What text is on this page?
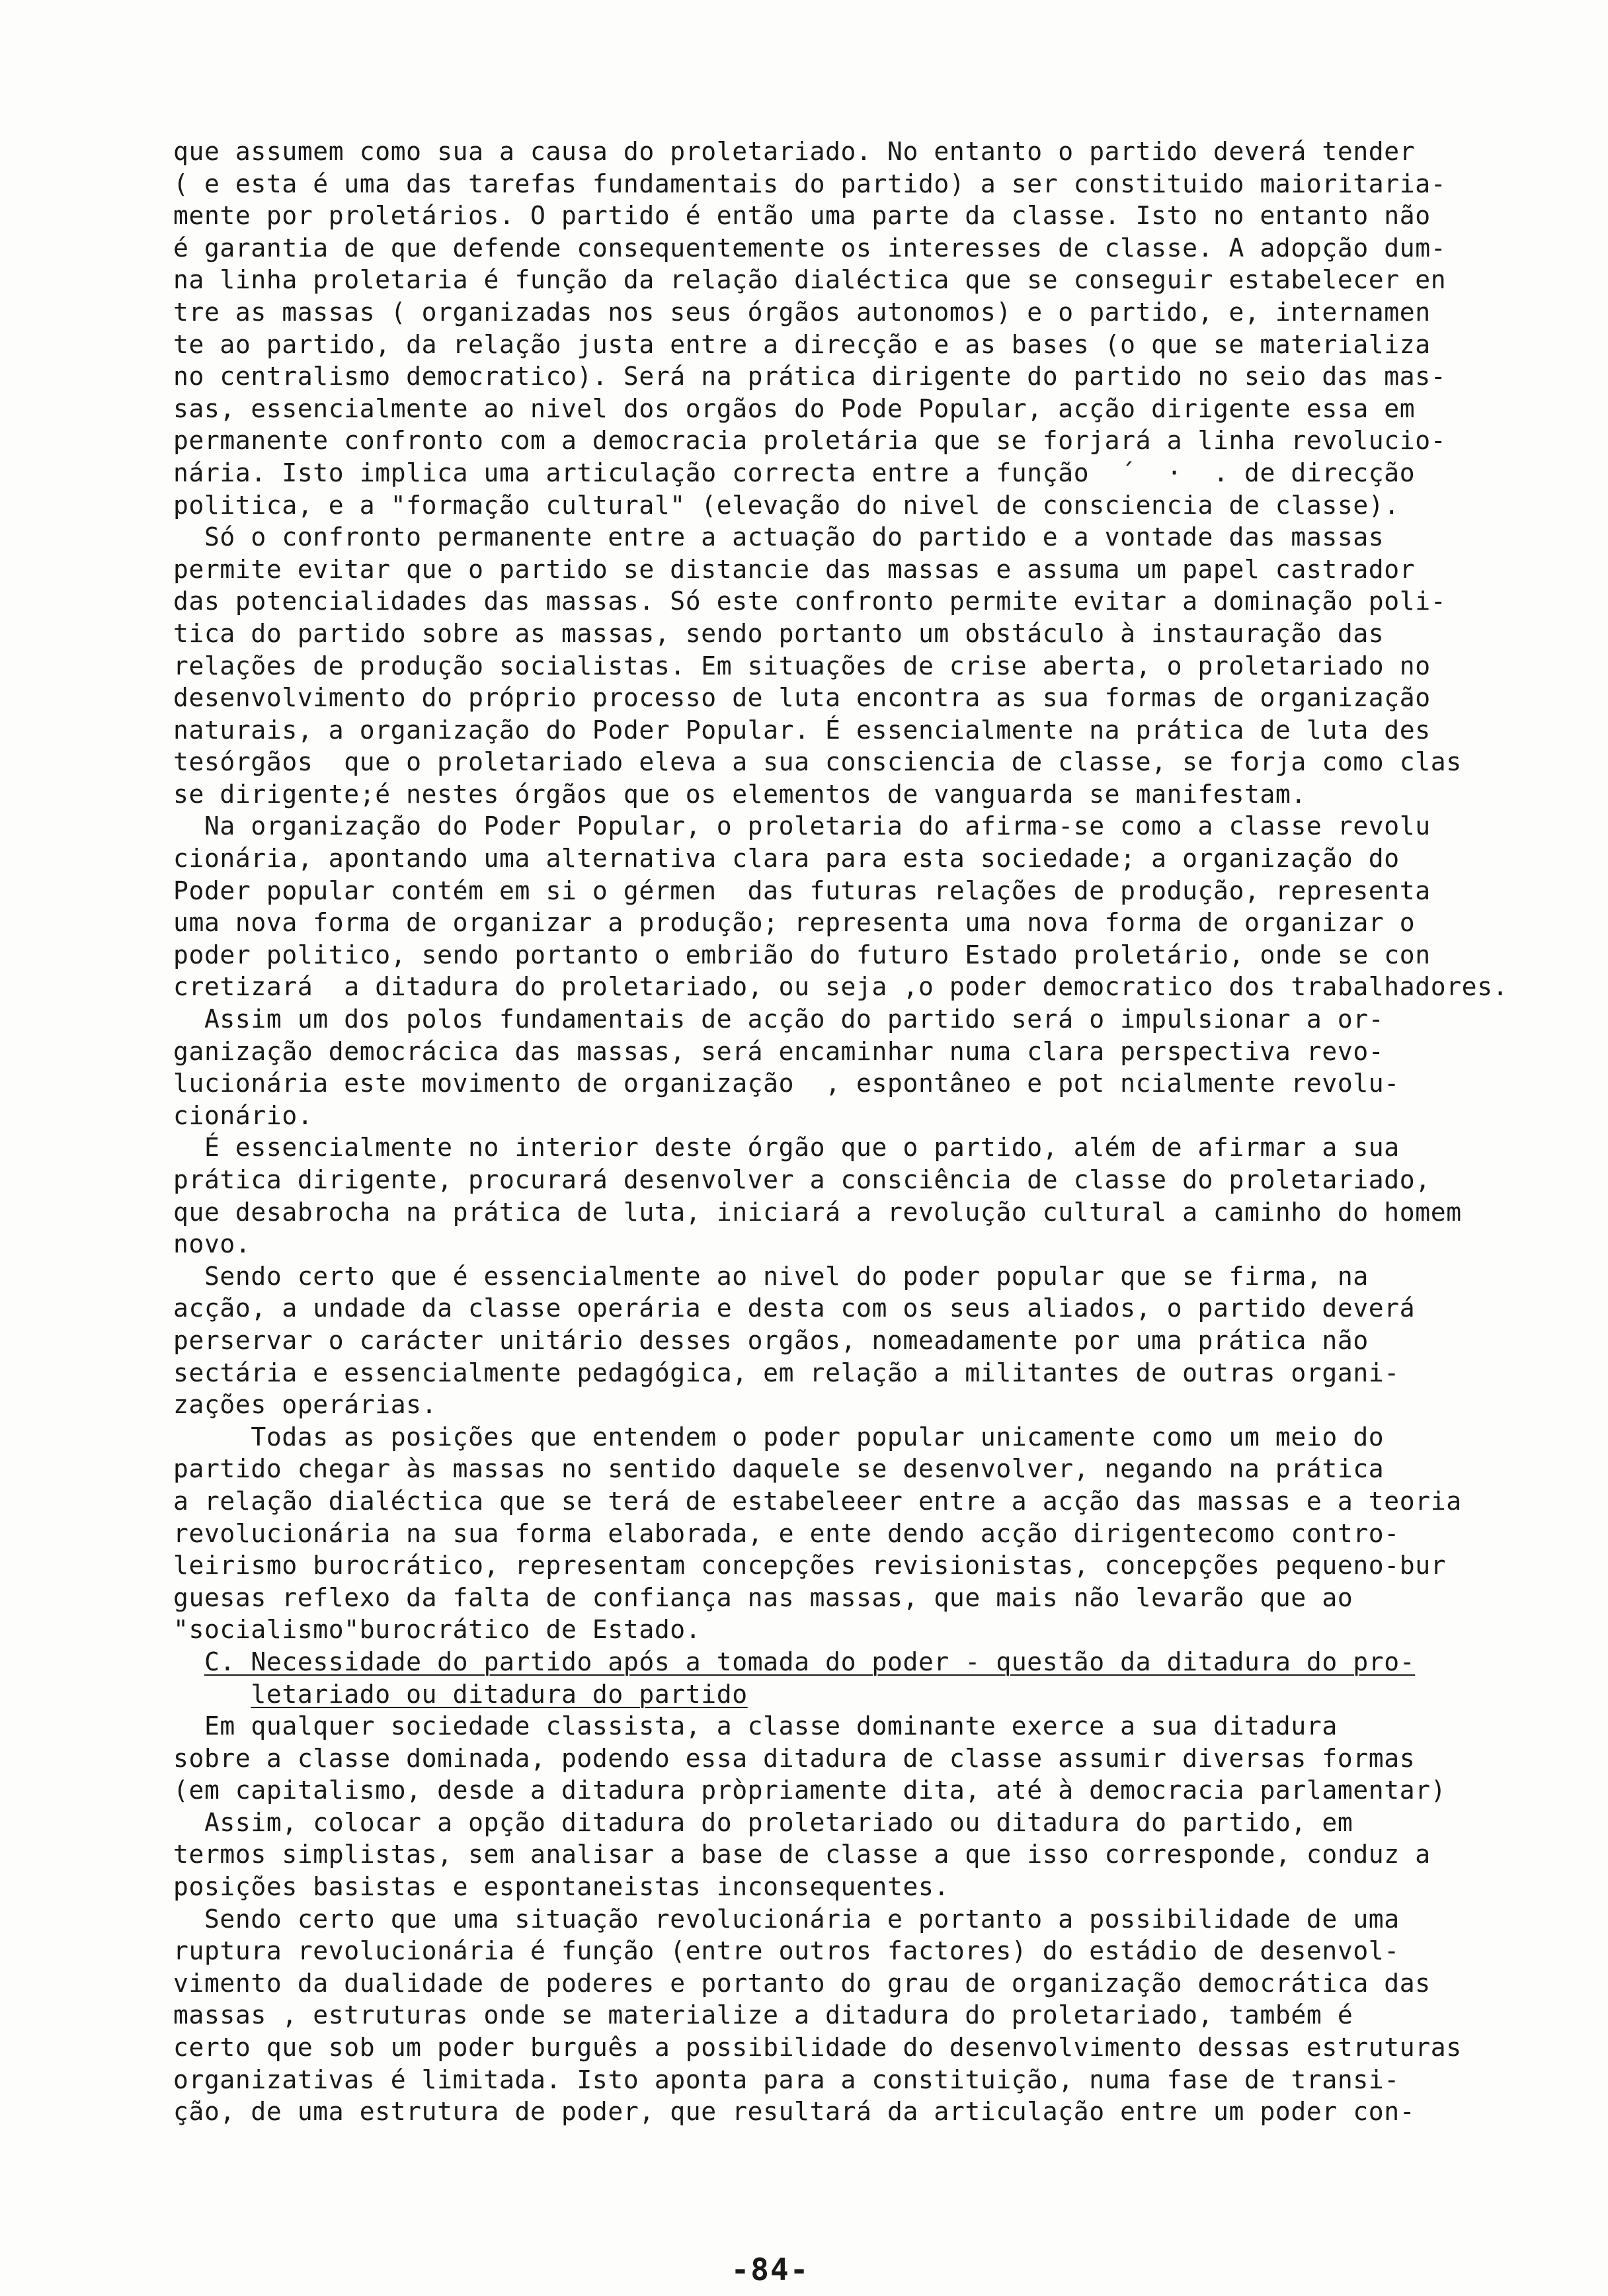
que assumem como sua a causa do proletariado. No entanto o partido deverá tender
( e esta é uma das tarefas fundamentais do partido) a ser constituido maioritaria-
mente por proletários. O partido é então uma parte da classe. Isto no entanto não
é garantia de que defende consequentemente os interesses de classe. A adopção dum-
na linha proletaria é função da relação dialéctica que se conseguir estabelecer en
tre as massas ( organizadas nos seus órgãos autonomos) e o partido, e, internamen
te ao partido, da relação justa entre a direcção e as bases (o que se materializa
no centralismo democratico). Será na prática dirigente do partido no seio das mas-
sas, essencialmente ao nivel dos orgãos do Pode Popular, acção dirigente essa em
permanente confronto com a democracia proletária que se forjará a linha revolucio-
nária. Isto implica uma articulação correcta entre a função  ´  ·  . de direcção
politica, e a "formação cultural" (elevação do nivel de consciencia de classe).
Só o confronto permanente entre a actuação do partido e a vontade das massas
permite evitar que o partido se distancie das massas e assuma um papel castrador
das potencialidades das massas. Só este confronto permite evitar a dominação poli-
tica do partido sobre as massas, sendo portanto um obstáculo à instauração das
relações de produção socialistas. Em situações de crise aberta, o proletariado no
desenvolvimento do próprio processo de luta encontra as sua formas de organização
naturais, a organização do Poder Popular. É essencialmente na prática de luta des
tesórgãos  que o proletariado eleva a sua consciencia de classe, se forja como clas
se dirigente;é nestes órgãos que os elementos de vanguarda se manifestam.
Na organização do Poder Popular, o proletaria do afirma-se como a classe revolu
cionária, apontando uma alternativa clara para esta sociedade; a organização do
Poder popular contém em si o gérmen  das futuras relações de produção, representa
uma nova forma de organizar a produção; representa uma nova forma de organizar o
poder politico, sendo portanto o embrião do futuro Estado proletário, onde se con
cretizará  a ditadura do proletariado, ou seja ,o poder democratico dos trabalhadores.
Assim um dos polos fundamentais de acção do partido será o impulsionar a or-
ganização democrácica das massas, será encaminhar numa clara perspectiva revo-
lucionária este movimento de organização  , espontâneo e pot ncialmente revolu-
cionário.
É essencialmente no interior deste órgão que o partido, além de afirmar a sua
prática dirigente, procurará desenvolver a consciência de classe do proletariado,
que desabrocha na prática de luta, iniciará a revolução cultural a caminho do homem
novo.
Sendo certo que é essencialmente ao nivel do poder popular que se firma, na
acção, a undade da classe operária e desta com os seus aliados, o partido deverá
perservar o carácter unitário desses orgãos, nomeadamente por uma prática não
sectária e essencialmente pedagógica, em relação a militantes de outras organi-
zações operárias.
Todas as posições que entendem o poder popular unicamente como um meio do
partido chegar às massas no sentido daquele se desenvolver, negando na prática
a relação dialéctica que se terá de estabeleeer entre a acção das massas e a teoria
revolucionária na sua forma elaborada, e ente dendo acção dirigentecomo contro-
leirismo burocrático, representam concepções revisionistas, concepções pequeno-bur
guesas reflexo da falta de confiança nas massas, que mais não levarão que ao
"socialismo"burocrático de Estado.
C. Necessidade do partido após a tomada do poder - questão da ditadura do pro-
letariado ou ditadura do partido
Em qualquer sociedade classista, a classe dominante exerce a sua ditadura
sobre a classe dominada, podendo essa ditadura de classe assumir diversas formas
(em capitalismo, desde a ditadura pròpriamente dita, até à democracia parlamentar)
Assim, colocar a opção ditadura do proletariado ou ditadura do partido, em
termos simplistas, sem analisar a base de classe a que isso corresponde, conduz a
posições basistas e espontaneistas inconsequentes.
Sendo certo que uma situação revolucionária e portanto a possibilidade de uma
ruptura revolucionária é função (entre outros factores) do estádio de desenvol-
vimento da dualidade de poderes e portanto do grau de organização democrática das
massas , estruturas onde se materialize a ditadura do proletariado, também é
certo que sob um poder burguês a possibilidade do desenvolvimento dessas estruturas
organizativas é limitada. Isto aponta para a constituição, numa fase de transi-
ção, de uma estrutura de poder, que resultará da articulação entre um poder con-
-84-
